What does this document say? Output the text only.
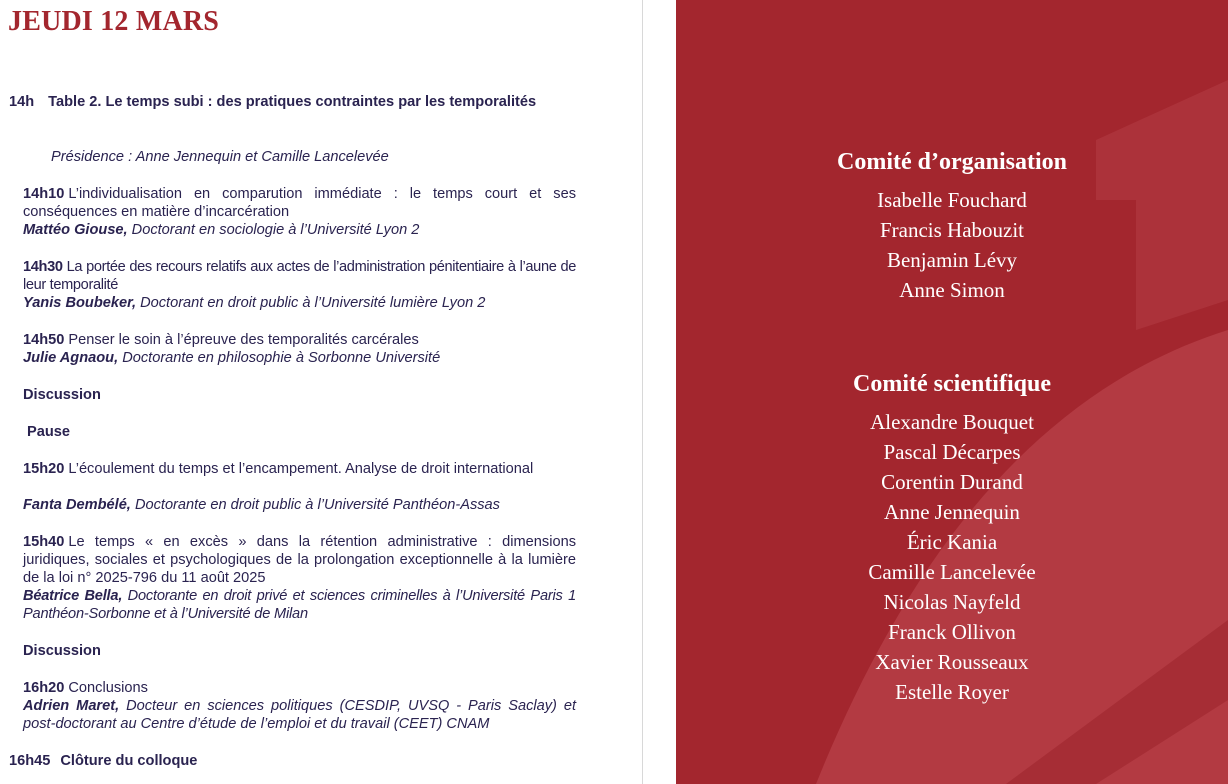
JEUDI 12 MARS
14h Table 2. Le temps subi : des pratiques contraintes par les temporalités
Présidence : Anne Jennequin et Camille Lancelevée
14h10 L’individualisation en comparution immédiate : le temps court et ses conséquences en matière d’incarcération
Mattéo Giouse, Doctorant en sociologie à l’Université Lyon 2
14h30 La portée des recours relatifs aux actes de l’administration pénitentiaire à l’aune de leur temporalité
Yanis Boubeker, Doctorant en droit public à l’Université lumière Lyon 2
14h50 Penser le soin à l’épreuve des temporalités carcérales
Julie Agnaou, Doctorante en philosophie à Sorbonne Université
Discussion
Pause
15h20 L’écoulement du temps et l’encampement. Analyse de droit international
Fanta Dembélé, Doctorante en droit public à l’Université Panthéon-Assas
15h40 Le temps « en excès » dans la rétention administrative : dimensions juridiques, sociales et psychologiques de la prolongation exceptionnelle à la lumière de la loi n° 2025-796 du 11 août 2025
Béatrice Bella, Doctorante en droit privé et sciences criminelles à l’Université Paris 1 Panthéon-Sorbonne et à l’Université de Milan
Discussion
16h20 Conclusions
Adrien Maret, Docteur en sciences politiques (CESDIP, UVSQ - Paris Saclay) et post-doctorant au Centre d’étude de l’emploi et du travail (CEET) CNAM
16h45 Clôture du colloque
Comité d’organisation
Isabelle Fouchard
Francis Habouzit
Benjamin Lévy
Anne Simon
Comité scientifique
Alexandre Bouquet
Pascal Décarpes
Corentin Durand
Anne Jennequin
Éric Kania
Camille Lancelevée
Nicolas Nayfeld
Franck Ollivon
Xavier Rousseaux
Estelle Royer
